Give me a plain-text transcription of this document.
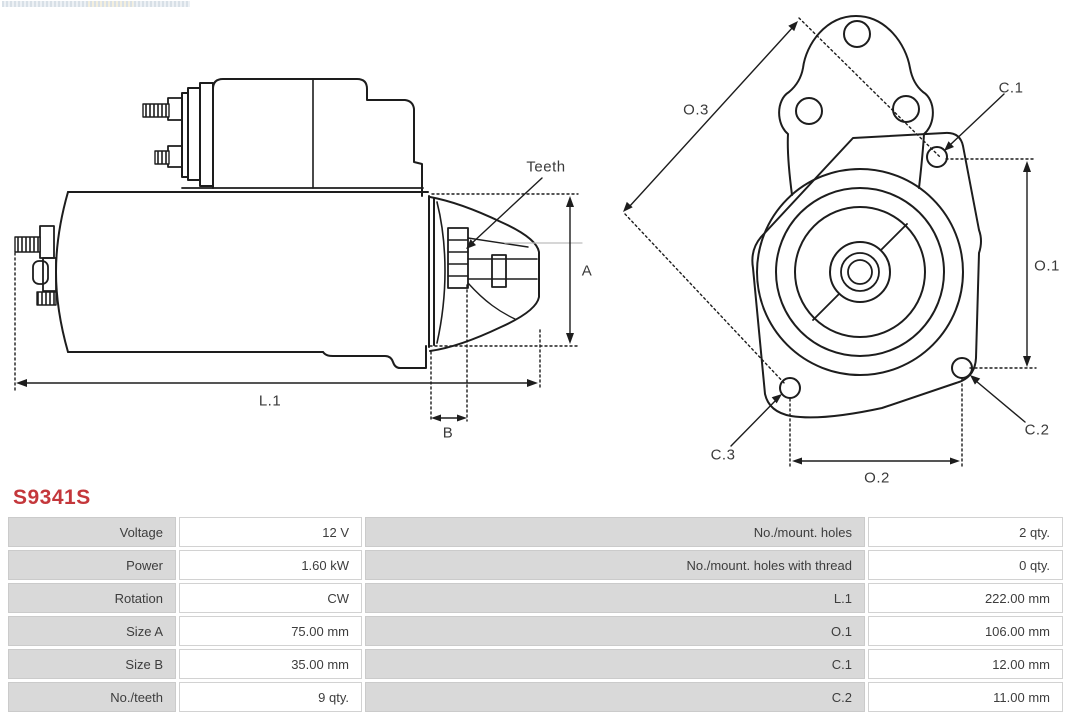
Teeth
A
L.1
B
O.3
C.1
O.1
C.2
C.3
O.2
S9341S
Voltage	12 V	No./mount. holes	2 qty.
Power	1.60 kW	No./mount. holes with thread	0 qty.
Rotation	CW	L.1	222.00 mm
Size A	75.00 mm	O.1	106.00 mm
Size B	35.00 mm	C.1	12.00 mm
No./teeth	9 qty.	C.2	11.00 mm
